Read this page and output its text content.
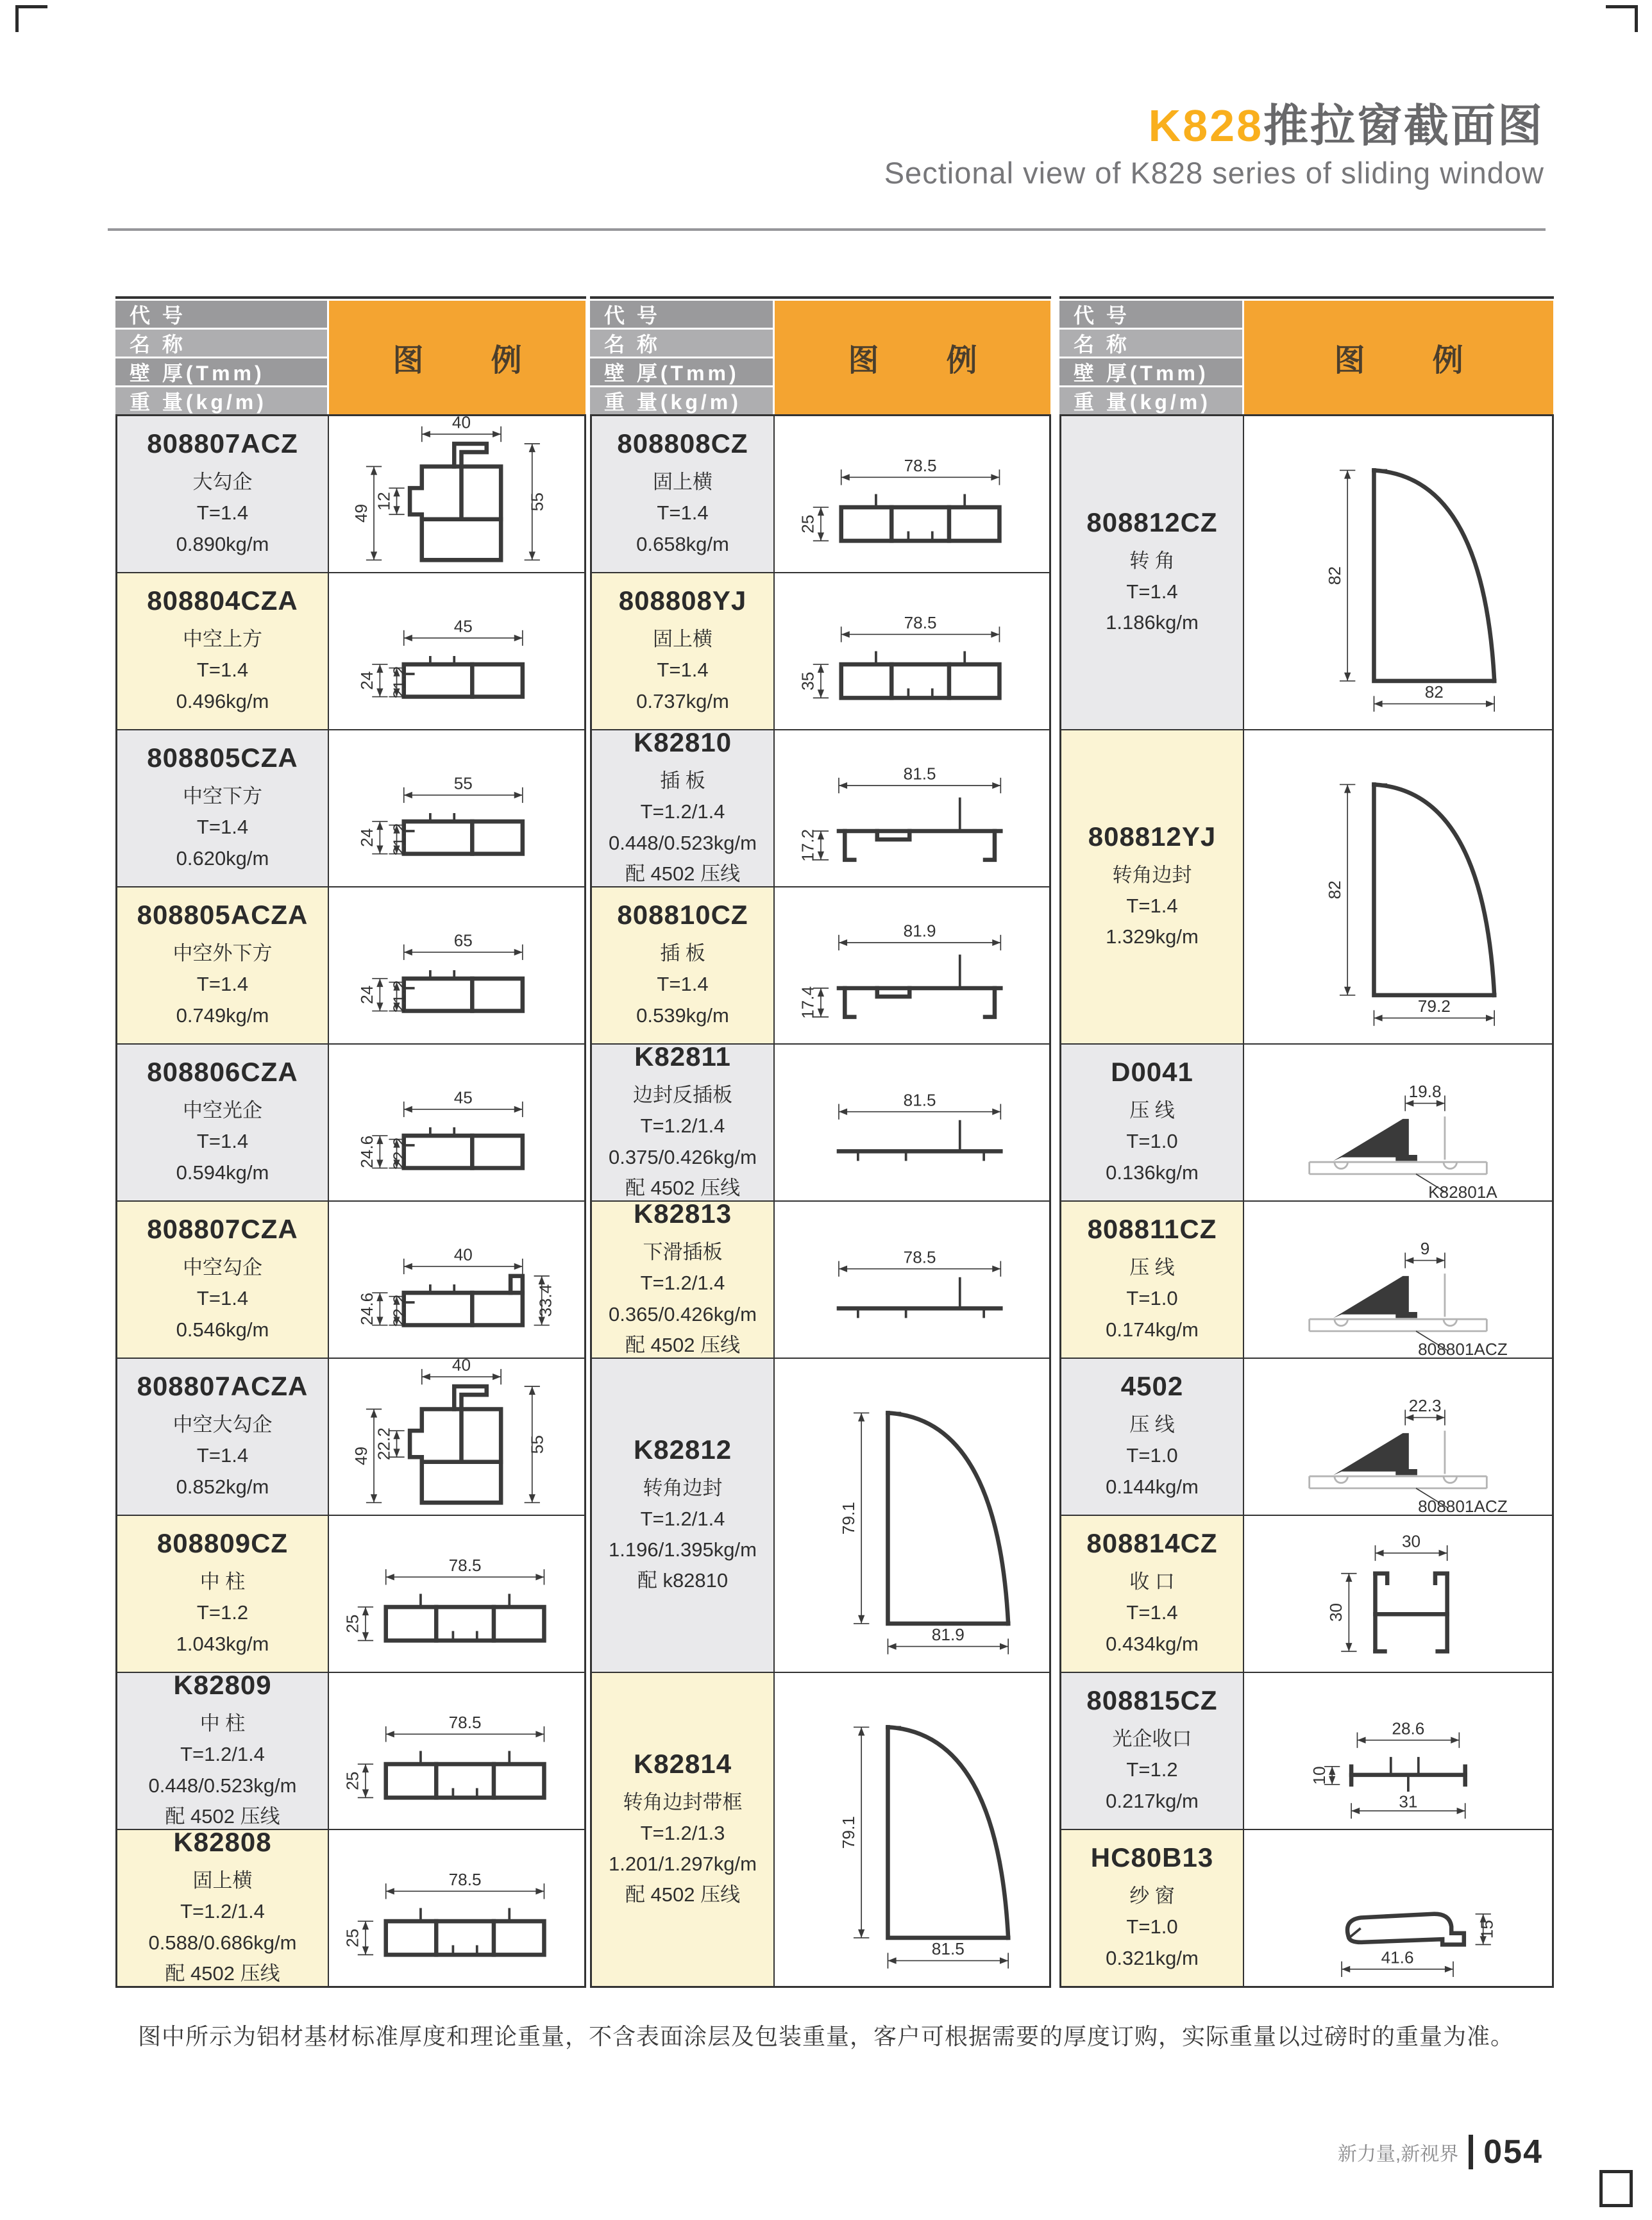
K828推拉窗截面图
Sectional view of K828 series of sliding window
代 号
名 称
壁 厚(Tmm)
重 量(kg/m)
图 例
808807ACZ
大勾企
T=1.4
0.890kg/m
40
12
49
55
808804CZA
中空上方
T=1.4
0.496kg/m
45
24 21.2
808805CZA
中空下方
T=1.4
0.620kg/m
55
24 21.2
808805ACZA
中空外下方
T=1.4
0.749kg/m
65
24 21.2
808806CZA
中空光企
T=1.4
0.594kg/m
45
24.6 22.2
808807CZA
中空勾企
T=1.4
0.546kg/m
40
24.6 22.2	33.4
808807ACZA
中空大勾企
T=1.4
0.852kg/m
40
22.2
49
55
808809CZ
中 柱
T=1.2
1.043kg/m
78.5
25
K82809
中 柱
T=1.2/1.4
0.448/0.523kg/m
配 4502 压线
78.5
25
K82808
固上横
T=1.2/1.4
0.588/0.686kg/m
配 4502 压线
78.5
25
代 号
名 称
壁 厚(Tmm)
重 量(kg/m)
图 例
808808CZ
固上横
T=1.4
0.658kg/m
78.5
25
808808YJ
固上横
T=1.4
0.737kg/m
78.5
35
K82810
插 板
T=1.2/1.4
0.448/0.523kg/m
配 4502 压线
81.5
17.2
808810CZ
插 板
T=1.4
0.539kg/m
81.9
17.4
K82811
边封反插板
T=1.2/1.4
0.375/0.426kg/m
配 4502 压线
81.5
K82813
下滑插板
T=1.2/1.4
0.365/0.426kg/m
配 4502 压线
78.5
K82812
转角边封
T=1.2/1.4
1.196/1.395kg/m
配 k82810
79.1
81.9
K82814
转角边封带框
T=1.2/1.3
1.201/1.297kg/m
配 4502 压线
79.1
81.5
代 号
名 称
壁 厚(Tmm)
重 量(kg/m)
图 例
808812CZ
转 角
T=1.4
1.186kg/m
82
82
808812YJ
转角边封
T=1.4
1.329kg/m
82
79.2
D0041
压 线
T=1.0
0.136kg/m
19.8
K82801A
808811CZ
压 线
T=1.0
0.174kg/m
9
808801ACZ
4502
压 线
T=1.0
0.144kg/m
22.3
808801ACZ
808814CZ
收 口
T=1.4
0.434kg/m
30
30
808815CZ
光企收口
T=1.2
0.217kg/m
28.6
10
31
HC80B13
纱 窗
T=1.0
0.321kg/m	41.6
15
图中所示为铝材基材标准厚度和理论重量，不含表面涂层及包装重量，客户可根据需要的厚度订购，实际重量以过磅时的重量为准。
新力量,新视界 054
